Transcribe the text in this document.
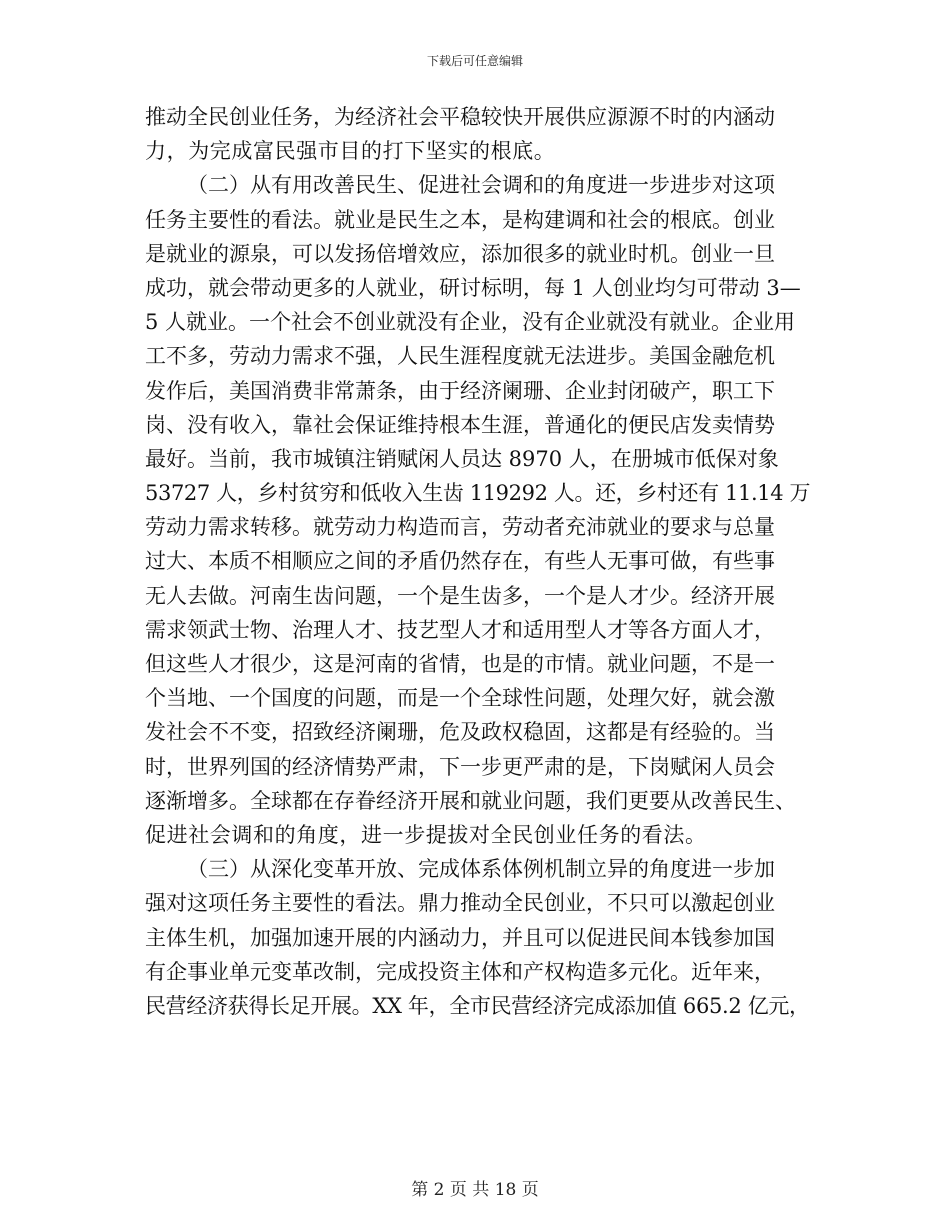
下载后可任意编辑
推动全民创业任务，为经济社会平稳较快开展供应源源不时的内涵动
力，为完成富民强市目的打下坚实的根底。
（二）从有用改善民生、促进社会调和的角度进一步进步对这项
任务主要性的看法。就业是民生之本，是构建调和社会的根底。创业
是就业的源泉，可以发扬倍增效应，添加很多的就业时机。创业一旦
成功，就会带动更多的人就业，研讨标明，每 1 人创业均匀可带动 3—
5 人就业。一个社会不创业就没有企业，没有企业就没有就业。企业用
工不多，劳动力需求不强，人民生涯程度就无法进步。美国金融危机
发作后，美国消费非常萧条，由于经济阑珊、企业封闭破产，职工下
岗、没有收入，靠社会保证维持根本生涯，普通化的便民店发卖情势
最好。当前，我市城镇注销赋闲人员达 8970 人，在册城市低保对象
53727 人，乡村贫穷和低收入生齿 119292 人。还，乡村还有 11.14 万
劳动力需求转移。就劳动力构造而言，劳动者充沛就业的要求与总量
过大、本质不相顺应之间的矛盾仍然存在，有些人无事可做，有些事
无人去做。河南生齿问题，一个是生齿多，一个是人才少。经济开展
需求领武士物、治理人才、技艺型人才和适用型人才等各方面人才，
但这些人才很少，这是河南的省情，也是的市情。就业问题，不是一
个当地、一个国度的问题，而是一个全球性问题，处理欠好，就会激
发社会不不变，招致经济阑珊，危及政权稳固，这都是有经验的。当
时，世界列国的经济情势严肃，下一步更严肃的是，下岗赋闲人员会
逐渐增多。全球都在存眷经济开展和就业问题，我们更要从改善民生、
促进社会调和的角度，进一步提拔对全民创业任务的看法。
（三）从深化变革开放、完成体系体例机制立异的角度进一步加
强对这项任务主要性的看法。鼎力推动全民创业，不只可以激起创业
主体生机，加强加速开展的内涵动力，并且可以促进民间本钱参加国
有企事业单元变革改制，完成投资主体和产权构造多元化。近年来，
民营经济获得长足开展。XX 年，全市民营经济完成添加值 665.2 亿元，
第 2 页 共 18 页
